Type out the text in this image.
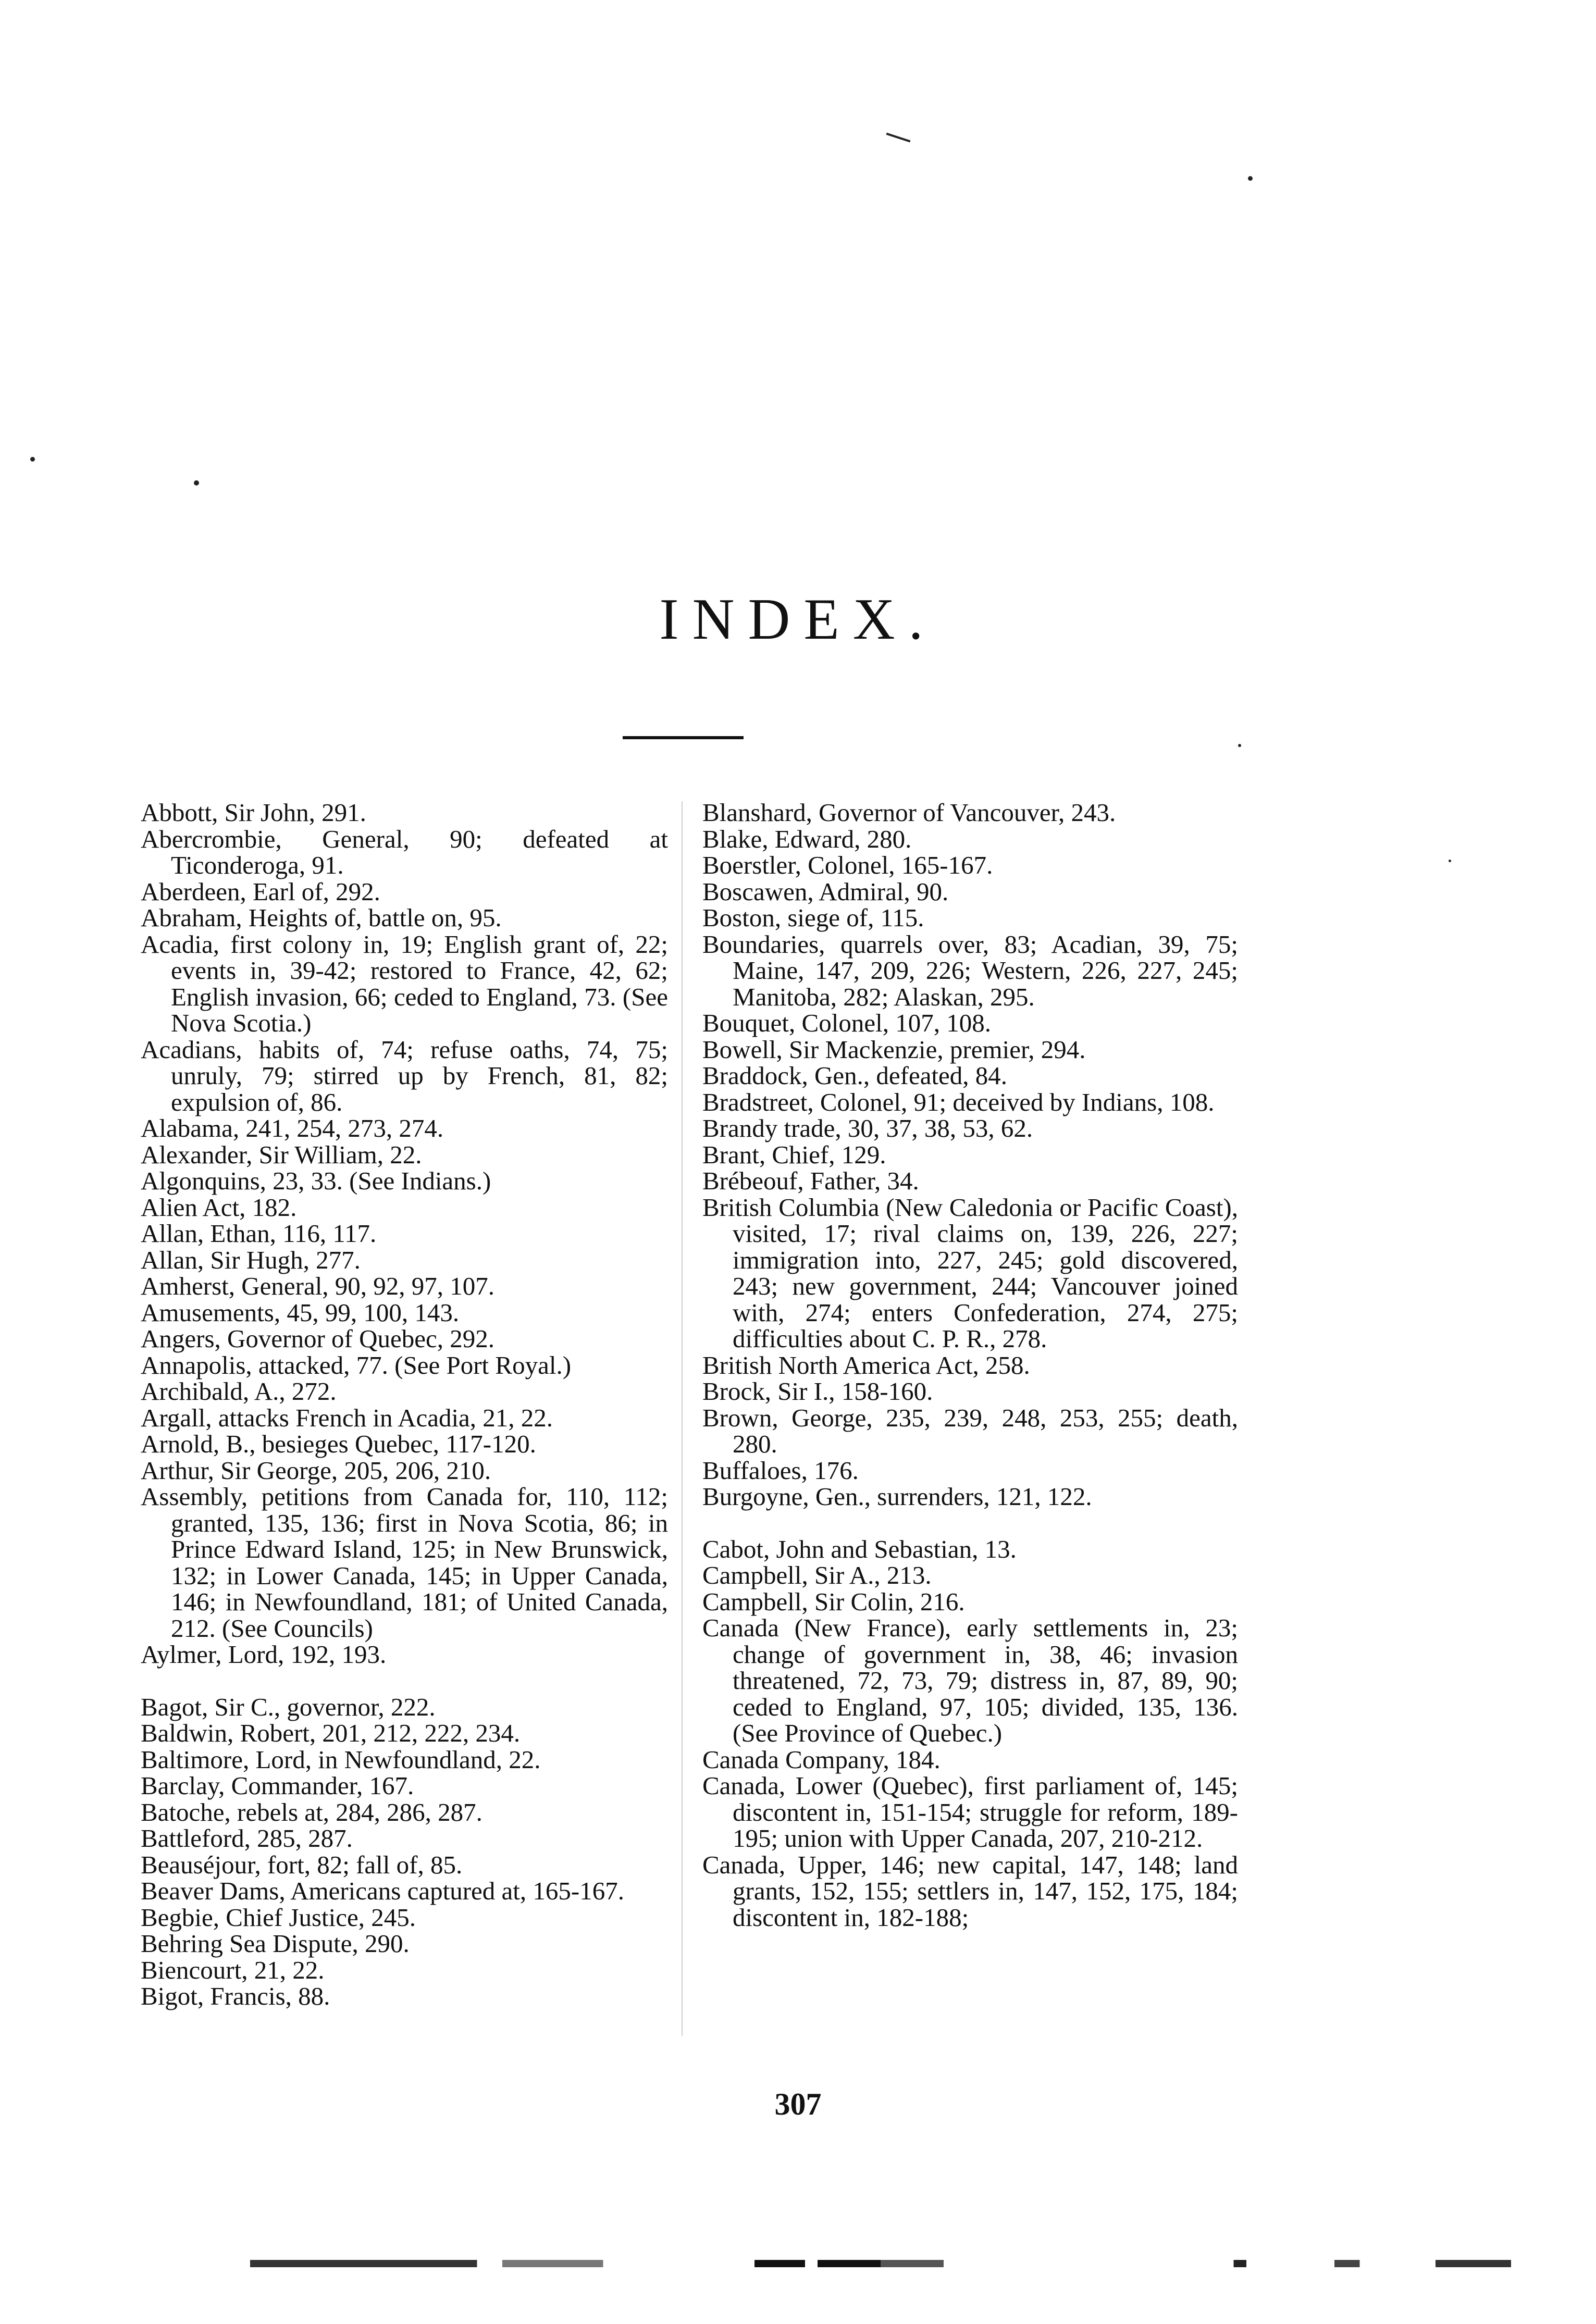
INDEX.
Abbott, Sir John, 291.
Abercrombie, General, 90; defeated at Ticonderoga, 91.
Aberdeen, Earl of, 292.
Abraham, Heights of, battle on, 95.
Acadia, first colony in, 19; English grant of, 22; events in, 39-42; restored to France, 42, 62; English invasion, 66; ceded to England, 73. (See Nova Scotia.)
Acadians, habits of, 74; refuse oaths, 74, 75; unruly, 79; stirred up by French, 81, 82; expulsion of, 86.
Alabama, 241, 254, 273, 274.
Alexander, Sir William, 22.
Algonquins, 23, 33. (See Indians.)
Alien Act, 182.
Allan, Ethan, 116, 117.
Allan, Sir Hugh, 277.
Amherst, General, 90, 92, 97, 107.
Amusements, 45, 99, 100, 143.
Angers, Governor of Quebec, 292.
Annapolis, attacked, 77. (See Port Royal.)
Archibald, A., 272.
Argall, attacks French in Acadia, 21, 22.
Arnold, B., besieges Quebec, 117-120.
Arthur, Sir George, 205, 206, 210.
Assembly, petitions from Canada for, 110, 112; granted, 135, 136; first in Nova Scotia, 86; in Prince Edward Island, 125; in New Brunswick, 132; in Lower Canada, 145; in Upper Canada, 146; in Newfoundland, 181; of United Canada, 212. (See Councils)
Aylmer, Lord, 192, 193.
Bagot, Sir C., governor, 222.
Baldwin, Robert, 201, 212, 222, 234.
Baltimore, Lord, in Newfoundland, 22.
Barclay, Commander, 167.
Batoche, rebels at, 284, 286, 287.
Battleford, 285, 287.
Beauséjour, fort, 82; fall of, 85.
Beaver Dams, Americans captured at, 165-167.
Begbie, Chief Justice, 245.
Behring Sea Dispute, 290.
Biencourt, 21, 22.
Bigot, Francis, 88.
Blanshard, Governor of Vancouver, 243.
Blake, Edward, 280.
Boerstler, Colonel, 165-167.
Boscawen, Admiral, 90.
Boston, siege of, 115.
Boundaries, quarrels over, 83; Acadian, 39, 75; Maine, 147, 209, 226; Western, 226, 227, 245; Manitoba, 282; Alaskan, 295.
Bouquet, Colonel, 107, 108.
Bowell, Sir Mackenzie, premier, 294.
Braddock, Gen., defeated, 84.
Bradstreet, Colonel, 91; deceived by Indians, 108.
Brandy trade, 30, 37, 38, 53, 62.
Brant, Chief, 129.
Brébeouf, Father, 34.
British Columbia (New Caledonia or Pacific Coast), visited, 17; rival claims on, 139, 226, 227; immigration into, 227, 245; gold discovered, 243; new government, 244; Vancouver joined with, 274; enters Confederation, 274, 275; difficulties about C. P. R., 278.
British North America Act, 258.
Brock, Sir I., 158-160.
Brown, George, 235, 239, 248, 253, 255; death, 280.
Buffaloes, 176.
Burgoyne, Gen., surrenders, 121, 122.
Cabot, John and Sebastian, 13.
Campbell, Sir A., 213.
Campbell, Sir Colin, 216.
Canada (New France), early settlements in, 23; change of government in, 38, 46; invasion threatened, 72, 73, 79; distress in, 87, 89, 90; ceded to England, 97, 105; divided, 135, 136. (See Province of Quebec.)
Canada Company, 184.
Canada, Lower (Quebec), first parliament of, 145; discontent in, 151-154; struggle for reform, 189-195; union with Upper Canada, 207, 210-212.
Canada, Upper, 146; new capital, 147, 148; land grants, 152, 155; settlers in, 147, 152, 175, 184; discontent in, 182-188;
307
